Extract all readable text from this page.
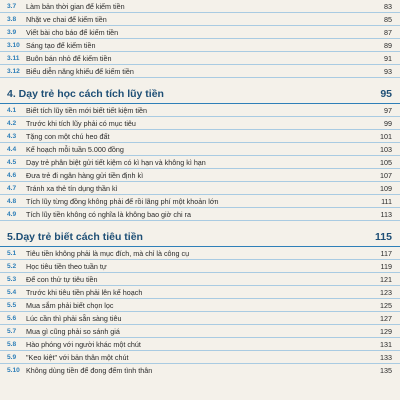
3.7	Làm bản thời gian để kiếm tiền	83
3.8	Nhặt ve chai để kiếm tiền	85
3.9	Viết bài cho báo để kiếm tiền	87
3.10 Sáng tạo để kiếm tiền	89
3.11 Buôn bán nhỏ để kiếm tiền	91
3.12 Biểu diễn năng khiếu để kiếm tiền	93
4. Dạy trẻ học cách tích lũy tiền	95
4.1	Biết tích lũy tiền mới biết tiết kiệm tiền	97
4.2	Trước khi tích lũy phải có mục tiêu	99
4.3	Tặng con một chú heo đất	101
4.4	Kế hoạch mỗi tuần 5.000 đồng	103
4.5	Dạy trẻ phân biệt gửi tiết kiệm có kì hạn và không kì hạn	105
4.6	Đưa trẻ đi ngân hàng gửi tiền định kì	107
4.7	Tránh xa thẻ tín dụng thần kì	109
4.8	Tích lũy từng đồng không phải để rồi lãng phí một khoản lớn	111
4.9	Tích lũy tiền không có nghĩa là không bao giờ chi ra	113
5.Dạy trẻ biết cách tiêu tiền	115
5.1	Tiêu tiền không phải là mục đích, mà chỉ là công cụ	117
5.2	Học tiêu tiền theo tuần tự	119
5.3	Để con thử tự tiêu tiền	121
5.4	Trước khi tiêu tiền phải lên kế hoạch	123
5.5	Mua sắm phải biết chọn lọc	125
5.6	Lúc cần thì phải sẵn sàng tiêu	127
5.7	Mua gì cũng phải so sánh giá	129
5.8	Hào phóng với người khác một chút	131
5.9	"Keo kiệt" với bản thân một chút	133
5.10 Không dùng tiền để đong đếm tình thân	135
